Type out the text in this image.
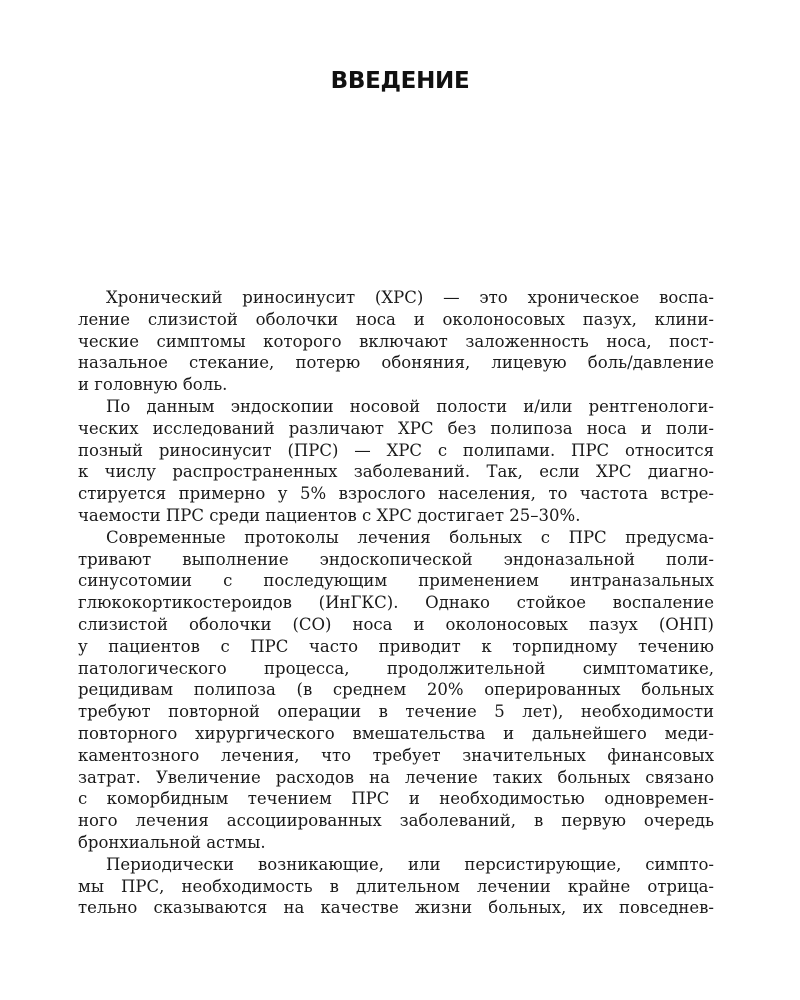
ВВЕДЕНИЕ
Хронический риносинусит (ХРС) — это хроническое воспа-
ление слизистой оболочки носа и околоносовых пазух, клини-
ческие симптомы которого включают заложенность носа, пост-
назальное стекание, потерю обоняния, лицевую боль/давление
и головную боль.
По данным эндоскопии носовой полости и/или рентгенологи-
ческих исследований различают ХРС без полипоза носа и поли-
позный риносинусит (ПРС) — ХРС с полипами. ПРС относится
к числу распространенных заболеваний. Так, если ХРС диагно-
стируется примерно у 5% взрослого населения, то частота встре-
чаемости ПРС среди пациентов с ХРС достигает 25–30%.
Современные протоколы лечения больных с ПРС предусма-
тривают выполнение эндоскопической эндоназальной поли-
синусотомии с последующим применением интраназальных
глюкокортикостероидов (ИнГКС). Однако стойкое воспаление
слизистой оболочки (СО) носа и околоносовых пазух (ОНП)
у пациентов с ПРС часто приводит к торпидному течению
патологического процесса, продолжительной симптоматике,
рецидивам полипоза (в среднем 20% оперированных больных
требуют повторной операции в течение 5 лет), необходимости
повторного хирургического вмешательства и дальнейшего меди-
каментозного лечения, что требует значительных финансовых
затрат. Увеличение расходов на лечение таких больных связано
с коморбидным течением ПРС и необходимостью одновремен-
ного лечения ассоциированных заболеваний, в первую очередь
бронхиальной астмы.
Периодически возникающие, или персистирующие, симпто-
мы ПРС, необходимость в длительном лечении крайне отрица-
тельно сказываются на качестве жизни больных, их повседнев-
